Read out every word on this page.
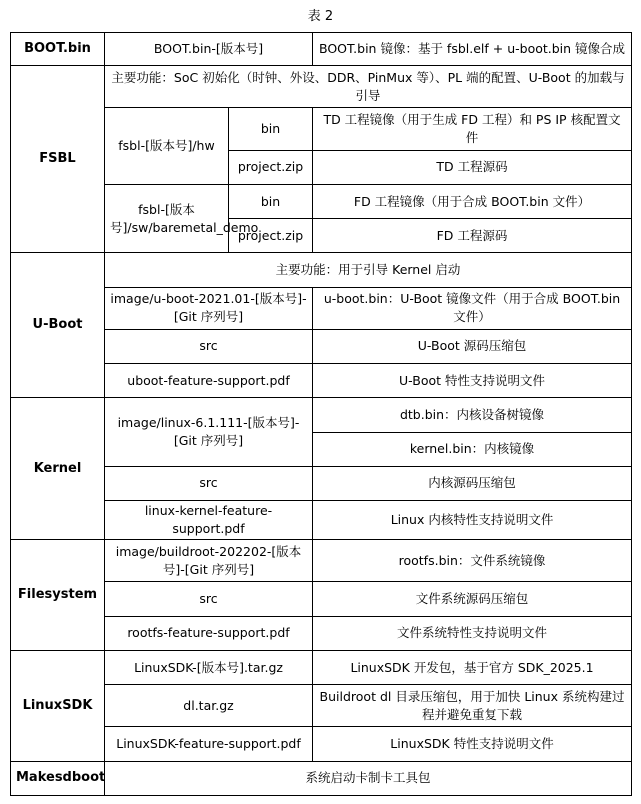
表 2
BOOT.bin	BOOT.bin-[版本号]		BOOT.bin 镜像：基于 fsbl.elf + u-boot.bin 镜像合成
FSBL	主要功能：SoC 初始化（时钟、外设、DDR、PinMux 等）、PL 端的配置、U-Boot 的加载与引导		
	fsbl-[版本号]/hw	bin	TD 工程镜像（用于生成 FD 工程）和 PS IP 核配置文件
		project.zip	TD 工程源码
	fsbl-[版本号]/sw/baremetal_demo	bin	FD 工程镜像（用于合成 BOOT.bin 文件）
		project.zip	FD 工程源码
U-Boot	主要功能：用于引导 Kernel 启动		
	image/u-boot-2021.01-[版本号]-[Git 序列号]		u-boot.bin：U-Boot 镜像文件（用于合成 BOOT.bin 文件）
	src		U-Boot 源码压缩包
	uboot-feature-support.pdf		U-Boot 特性支持说明文件
Kernel	image/linux-6.1.111-[版本号]-[Git 序列号]		dtb.bin：内核设备树镜像
			kernel.bin：内核镜像
	src		内核源码压缩包
	linux-kernel-feature-support.pdf		Linux 内核特性支持说明文件
Filesystem	image/buildroot-202202-[版本号]-[Git 序列号]		rootfs.bin：文件系统镜像
	src		文件系统源码压缩包
	rootfs-feature-support.pdf		文件系统特性支持说明文件
LinuxSDK	LinuxSDK-[版本号].tar.gz		LinuxSDK 开发包，基于官方 SDK_2025.1
	dl.tar.gz		Buildroot dl 目录压缩包，用于加快 Linux 系统构建过程并避免重复下载
	LinuxSDK-feature-support.pdf		LinuxSDK 特性支持说明文件
Makesdboot	系统启动卡制卡工具包		
